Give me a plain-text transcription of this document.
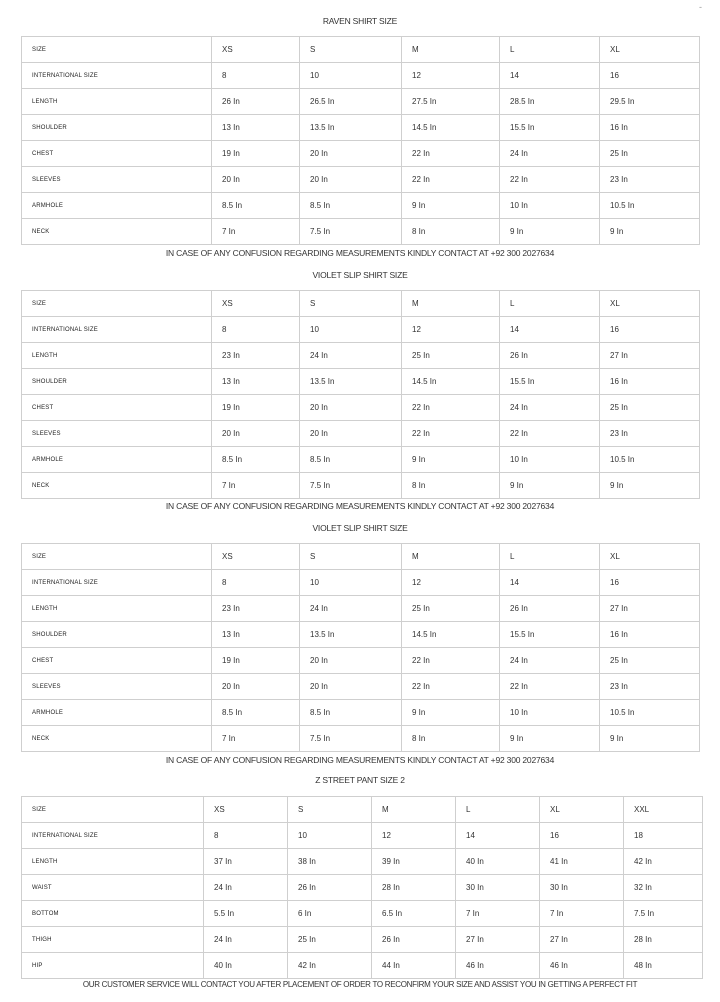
-
RAVEN SHIRT SIZE
SIZE	XS	S	M	L	XL
INTERNATIONAL SIZE	8	10	12	14	16
LENGTH	26 In	26.5 In	27.5 In	28.5 In	29.5 In
SHOULDER	13 In	13.5 In	14.5 In	15.5 In	16 In
CHEST	19 In	20 In	22 In	24 In	25 In
SLEEVES	20 In	20 In	22 In	22 In	23 In
ARMHOLE	8.5 In	8.5 In	9 In	10 In	10.5 In
NECK	7 In	7.5 In	8 In	9 In	9 In
IN CASE OF ANY CONFUSION REGARDING MEASUREMENTS KINDLY CONTACT AT +92 300 2027634
VIOLET SLIP SHIRT SIZE
SIZE	XS	S	M	L	XL
INTERNATIONAL SIZE	8	10	12	14	16
LENGTH	23 In	24 In	25 In	26 In	27 In
SHOULDER	13 In	13.5 In	14.5 In	15.5 In	16 In
CHEST	19 In	20 In	22 In	24 In	25 In
SLEEVES	20 In	20 In	22 In	22 In	23 In
ARMHOLE	8.5 In	8.5 In	9 In	10 In	10.5 In
NECK	7 In	7.5 In	8 In	9 In	9 In
IN CASE OF ANY CONFUSION REGARDING MEASUREMENTS KINDLY CONTACT AT +92 300 2027634
VIOLET SLIP SHIRT SIZE
SIZE	XS	S	M	L	XL
INTERNATIONAL SIZE	8	10	12	14	16
LENGTH	23 In	24 In	25 In	26 In	27 In
SHOULDER	13 In	13.5 In	14.5 In	15.5 In	16 In
CHEST	19 In	20 In	22 In	24 In	25 In
SLEEVES	20 In	20 In	22 In	22 In	23 In
ARMHOLE	8.5 In	8.5 In	9 In	10 In	10.5 In
NECK	7 In	7.5 In	8 In	9 In	9 In
IN CASE OF ANY CONFUSION REGARDING MEASUREMENTS KINDLY CONTACT AT +92 300 2027634
Z STREET PANT SIZE 2
SIZE	XS	S	M	L	XL	XXL
INTERNATIONAL SIZE	8	10	12	14	16	18
LENGTH	37 In	38 In	39 In	40 In	41 In	42 In
WAIST	24 In	26 In	28 In	30 In	30 In	32 In
BOTTOM	5.5 In	6 In	6.5 In	7 In	7 In	7.5 In
THIGH	24 In	25 In	26 In	27 In	27 In	28 In
HIP	40 In	42 In	44 In	46 In	46 In	48 In
OUR CUSTOMER SERVICE WILL CONTACT YOU AFTER PLACEMENT OF ORDER TO RECONFIRM YOUR SIZE AND ASSIST YOU IN GETTING A PERFECT FIT
